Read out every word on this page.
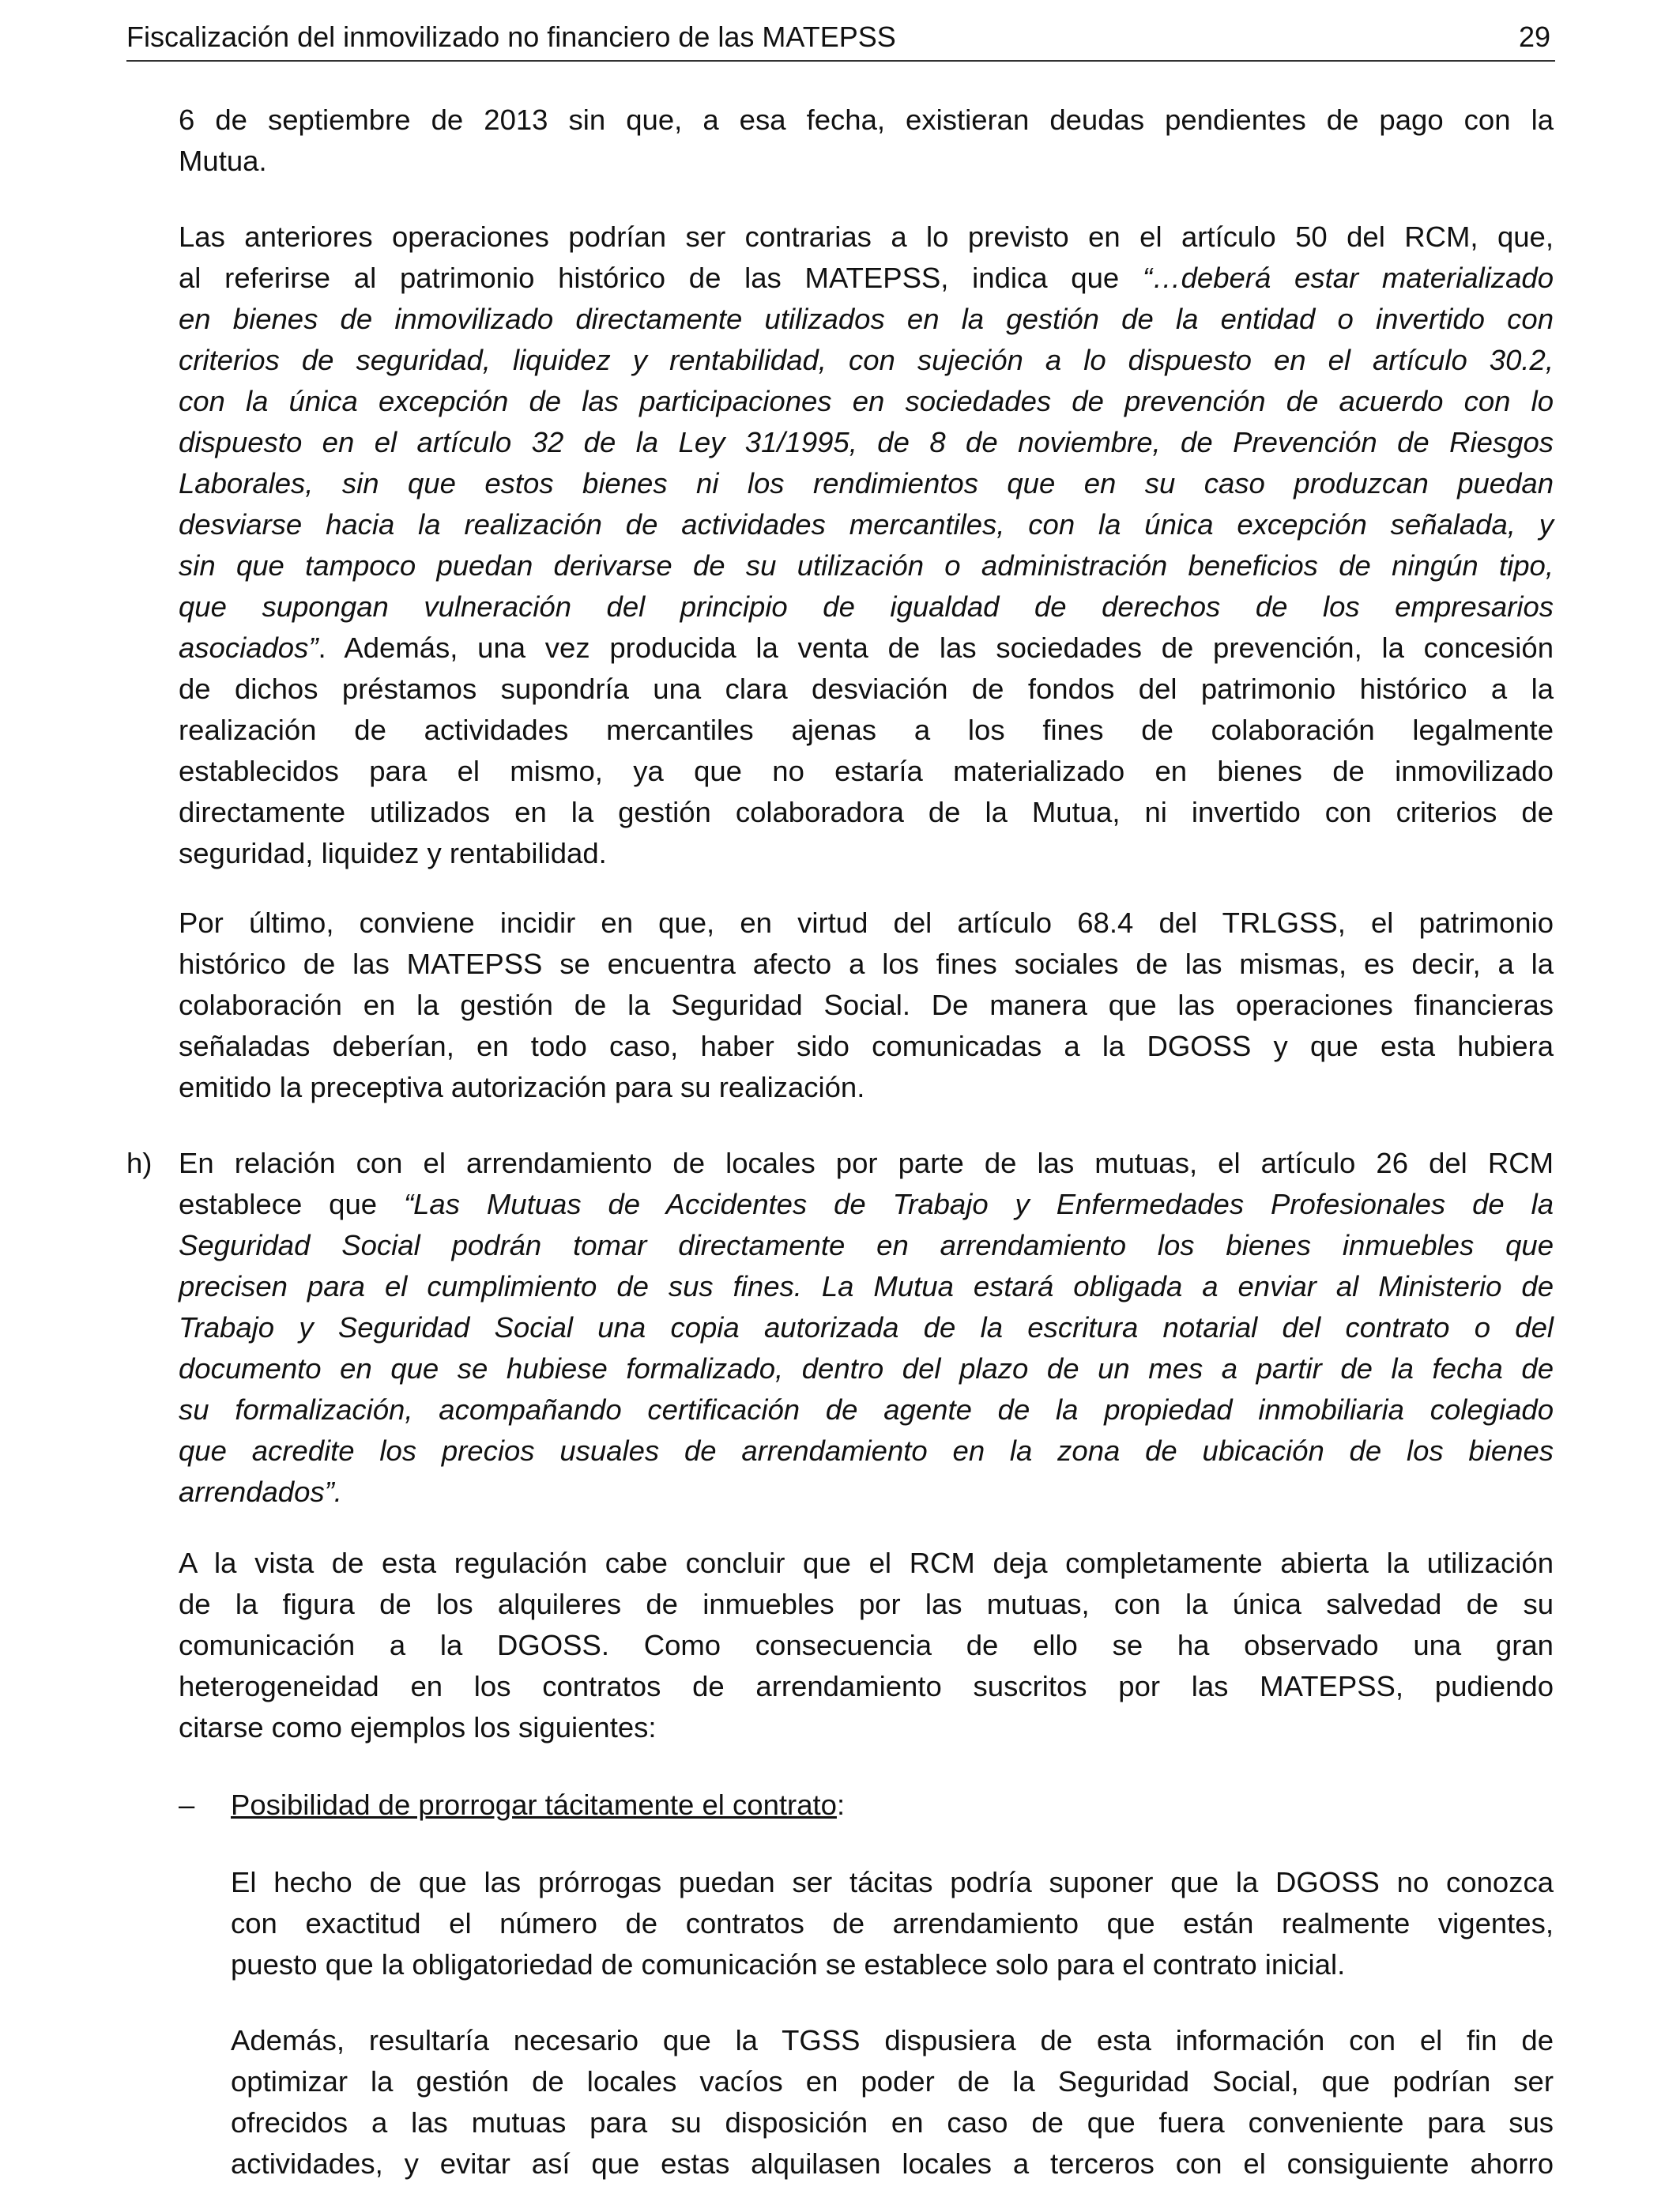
Fiscalización del inmovilizado no financiero de las MATEPSS	29
6 de septiembre de 2013 sin que, a esa fecha, existieran deudas pendientes de pago con la
Mutua.
Las anteriores operaciones podrían ser contrarias a lo previsto en el artículo 50 del RCM, que,
al referirse al patrimonio histórico de las MATEPSS, indica que “…deberá estar materializado
en bienes de inmovilizado directamente utilizados en la gestión de la entidad o invertido con
criterios de seguridad, liquidez y rentabilidad, con sujeción a lo dispuesto en el artículo 30.2,
con la única excepción de las participaciones en sociedades de prevención de acuerdo con lo
dispuesto en el artículo 32 de la Ley 31/1995, de 8 de noviembre, de Prevención de Riesgos
Laborales, sin que estos bienes ni los rendimientos que en su caso produzcan puedan
desviarse hacia la realización de actividades mercantiles, con la única excepción señalada, y
sin que tampoco puedan derivarse de su utilización o administración beneficios de ningún tipo,
que supongan vulneración del principio de igualdad de derechos de los empresarios
asociados”. Además, una vez producida la venta de las sociedades de prevención, la concesión
de dichos préstamos supondría una clara desviación de fondos del patrimonio histórico a la
realización de actividades mercantiles ajenas a los fines de colaboración legalmente
establecidos para el mismo, ya que no estaría materializado en bienes de inmovilizado
directamente utilizados en la gestión colaboradora de la Mutua, ni invertido con criterios de
seguridad, liquidez y rentabilidad.
Por último, conviene incidir en que, en virtud del artículo 68.4 del TRLGSS, el patrimonio
histórico de las MATEPSS se encuentra afecto a los fines sociales de las mismas, es decir, a la
colaboración en la gestión de la Seguridad Social. De manera que las operaciones financieras
señaladas deberían, en todo caso, haber sido comunicadas a la DGOSS y que esta hubiera
emitido la preceptiva autorización para su realización.
h) En relación con el arrendamiento de locales por parte de las mutuas, el artículo 26 del RCM
establece que “Las Mutuas de Accidentes de Trabajo y Enfermedades Profesionales de la
Seguridad Social podrán tomar directamente en arrendamiento los bienes inmuebles que
precisen para el cumplimiento de sus fines. La Mutua estará obligada a enviar al Ministerio de
Trabajo y Seguridad Social una copia autorizada de la escritura notarial del contrato o del
documento en que se hubiese formalizado, dentro del plazo de un mes a partir de la fecha de
su formalización, acompañando certificación de agente de la propiedad inmobiliaria colegiado
que acredite los precios usuales de arrendamiento en la zona de ubicación de los bienes
arrendados”.
A la vista de esta regulación cabe concluir que el RCM deja completamente abierta la utilización
de la figura de los alquileres de inmuebles por las mutuas, con la única salvedad de su
comunicación a la DGOSS. Como consecuencia de ello se ha observado una gran
heterogeneidad en los contratos de arrendamiento suscritos por las MATEPSS, pudiendo
citarse como ejemplos los siguientes:
– Posibilidad de prorrogar tácitamente el contrato:
El hecho de que las prórrogas puedan ser tácitas podría suponer que la DGOSS no conozca
con exactitud el número de contratos de arrendamiento que están realmente vigentes,
puesto que la obligatoriedad de comunicación se establece solo para el contrato inicial.
Además, resultaría necesario que la TGSS dispusiera de esta información con el fin de
optimizar la gestión de locales vacíos en poder de la Seguridad Social, que podrían ser
ofrecidos a las mutuas para su disposición en caso de que fuera conveniente para sus
actividades, y evitar así que estas alquilasen locales a terceros con el consiguiente ahorro
